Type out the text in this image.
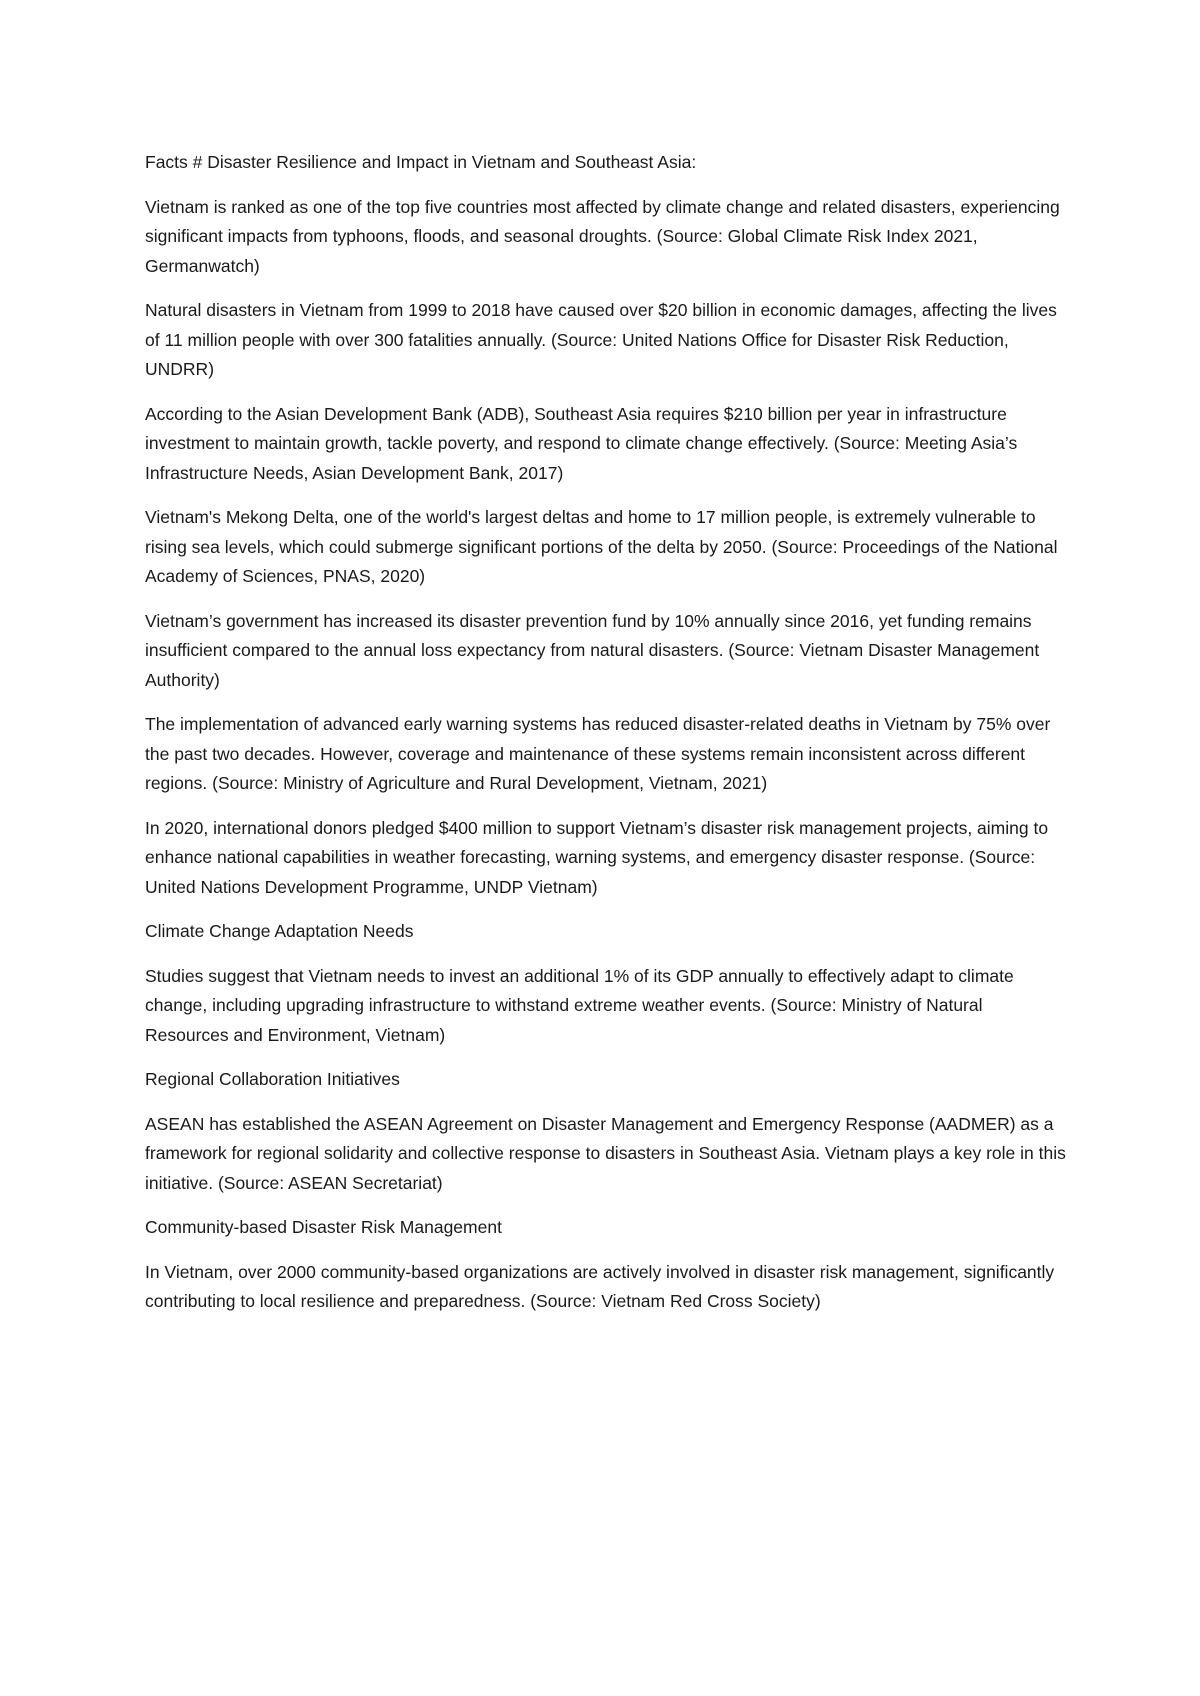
Facts # Disaster Resilience and Impact in Vietnam and Southeast Asia:

Vietnam is ranked as one of the top five countries most affected by climate change and related disasters, experiencing significant impacts from typhoons, floods, and seasonal droughts. (Source: Global Climate Risk Index 2021, Germanwatch)

Natural disasters in Vietnam from 1999 to 2018 have caused over $20 billion in economic damages, affecting the lives of 11 million people with over 300 fatalities annually. (Source: United Nations Office for Disaster Risk Reduction, UNDRR)

According to the Asian Development Bank (ADB), Southeast Asia requires $210 billion per year in infrastructure investment to maintain growth, tackle poverty, and respond to climate change effectively. (Source: Meeting Asia’s Infrastructure Needs, Asian Development Bank, 2017)

Vietnam's Mekong Delta, one of the world's largest deltas and home to 17 million people, is extremely vulnerable to rising sea levels, which could submerge significant portions of the delta by 2050. (Source: Proceedings of the National Academy of Sciences, PNAS, 2020)

Vietnam’s government has increased its disaster prevention fund by 10% annually since 2016, yet funding remains insufficient compared to the annual loss expectancy from natural disasters. (Source: Vietnam Disaster Management Authority)

The implementation of advanced early warning systems has reduced disaster-related deaths in Vietnam by 75% over the past two decades. However, coverage and maintenance of these systems remain inconsistent across different regions. (Source: Ministry of Agriculture and Rural Development, Vietnam, 2021)

In 2020, international donors pledged $400 million to support Vietnam’s disaster risk management projects, aiming to enhance national capabilities in weather forecasting, warning systems, and emergency disaster response. (Source: United Nations Development Programme, UNDP Vietnam)

Climate Change Adaptation Needs

Studies suggest that Vietnam needs to invest an additional 1% of its GDP annually to effectively adapt to climate change, including upgrading infrastructure to withstand extreme weather events. (Source: Ministry of Natural Resources and Environment, Vietnam)

Regional Collaboration Initiatives

ASEAN has established the ASEAN Agreement on Disaster Management and Emergency Response (AADMER) as a framework for regional solidarity and collective response to disasters in Southeast Asia. Vietnam plays a key role in this initiative. (Source: ASEAN Secretariat)

Community-based Disaster Risk Management

In Vietnam, over 2000 community-based organizations are actively involved in disaster risk management, significantly contributing to local resilience and preparedness. (Source: Vietnam Red Cross Society)
